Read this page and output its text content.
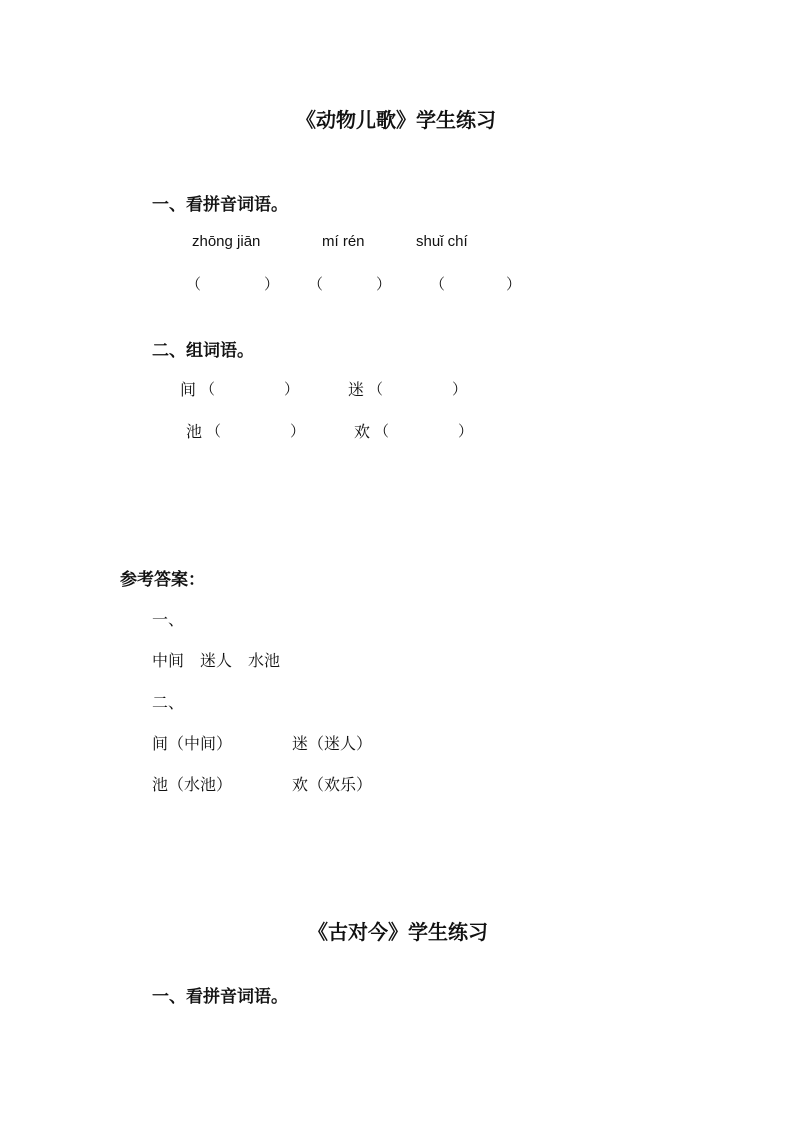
《动物儿歌》学生练习
一、看拼音词语。
zhōnɡ jiān	mí rén	shuǐ chí
（	） （	）	（	）
二、组词语。
间 （	）	迷 （	）
池 （	）	欢 （	）
参考答案：
一、
中间　迷人　水池
二、
间（中间）	迷（迷人）
池（水池）	欢（欢乐）
《古对今》学生练习
一、看拼音词语。
